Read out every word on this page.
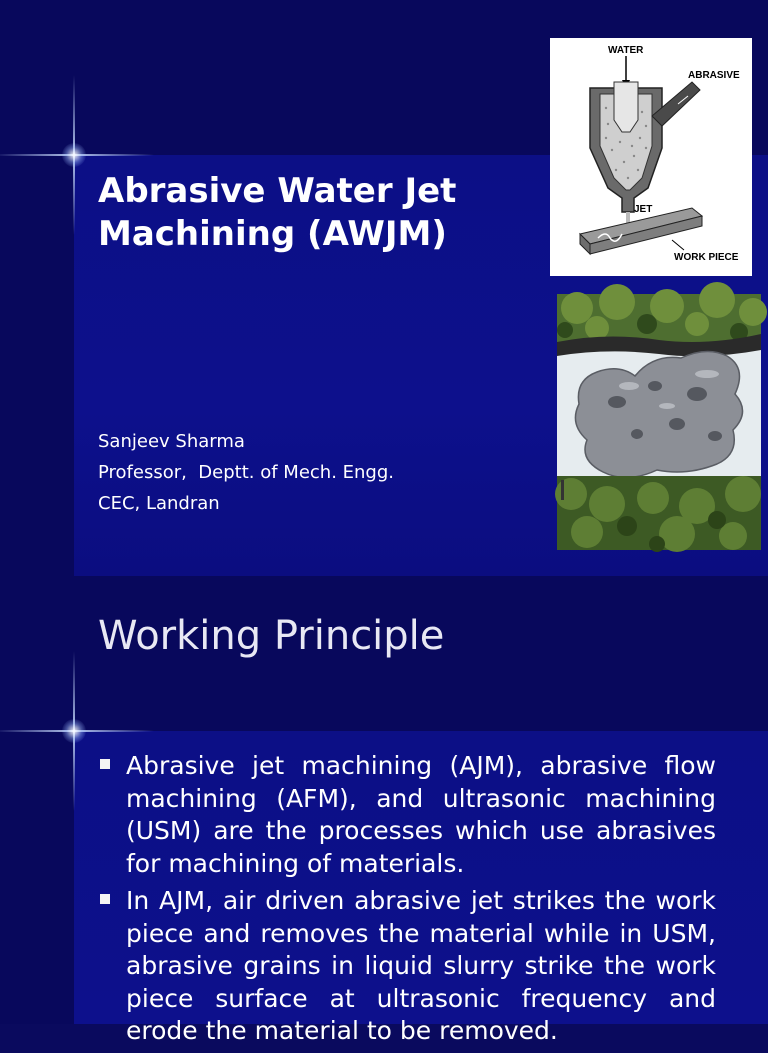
Abrasive Water Jet Machining (AWJM)
Sanjeev Sharma
Professor,  Deptt. of Mech. Engg.
CEC, Landran
WATER
ABRASIVE
JET
WORK PIECE
Working Principle
Abrasive jet machining (AJM), abrasive flow machining (AFM), and ultrasonic machining (USM) are the processes which use abrasives for machining of materials.
In AJM, air driven abrasive jet strikes the work piece and removes the material while in USM, abrasive grains in liquid slurry strike the work piece surface at ultrasonic frequency and erode the material to be removed.
